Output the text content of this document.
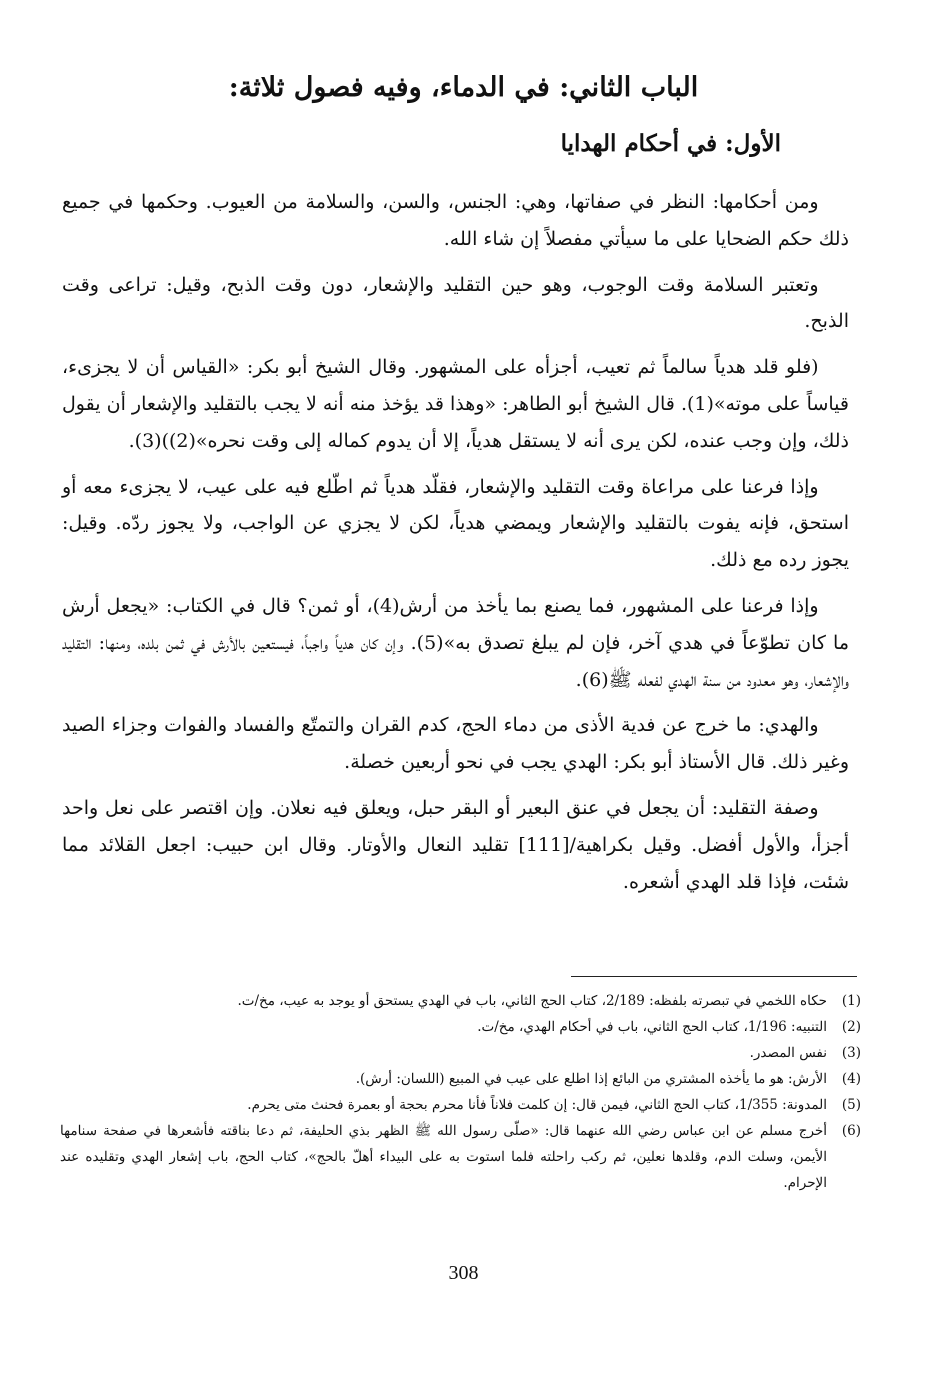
الباب الثاني: في الدماء، وفيه فصول ثلاثة:
الأول: في أحكام الهدايا

ومن أحكامها: النظر في صفاتها، وهي: الجنس، والسن، والسلامة من العيوب. وحكمها في جميع ذلك حكم الضحايا على ما سيأتي مفصلاً إن شاء الله.

وتعتبر السلامة وقت الوجوب، وهو حين التقليد والإشعار، دون وقت الذبح، وقيل: تراعى وقت الذبح.

(فلو قلد هدياً سالماً ثم تعيب، أجزأه على المشهور. وقال الشيخ أبو بكر: «القياس أن لا يجزىء، قياساً على موته»(1). قال الشيخ أبو الطاهر: «وهذا قد يؤخذ منه أنه لا يجب بالتقليد والإشعار أن يقول ذلك، وإن وجب عنده، لكن يرى أنه لا يستقل هدياً، إلا أن يدوم كماله إلى وقت نحره»(2))(3).

وإذا فرعنا على مراعاة وقت التقليد والإشعار، فقلّد هدياً ثم اطّلع فيه على عيب، لا يجزىء معه أو استحق، فإنه يفوت بالتقليد والإشعار ويمضي هدياً، لكن لا يجزي عن الواجب، ولا يجوز ردّه. وقيل: يجوز رده مع ذلك.

وإذا فرعنا على المشهور، فما يصنع بما يأخذ من أرش(4)، أو ثمن؟ قال في الكتاب: «يجعل أرش ما كان تطوّعاً في هدي آخر، فإن لم يبلغ تصدق به»(5). وإن كان هدياً واجباً، فيستعين بالأرش في ثمن بلده، ومنها: التقليد والإشعار، وهو معدود من سنة الهدي لفعله ﷺ(6).

والهدي: ما خرج عن فدية الأذى من دماء الحج، كدم القران والتمتّع والفساد والفوات وجزاء الصيد وغير ذلك. قال الأستاذ أبو بكر: الهدي يجب في نحو أربعين خصلة.

وصفة التقليد: أن يجعل في عنق البعير أو البقر حبل، ويعلق فيه نعلان. وإن اقتصر على نعل واحد أجزأ، والأول أفضل. وقيل بكراهية/[111] تقليد النعال والأوتار. وقال ابن حبيب: اجعل القلائد مما شئت، فإذا قلد الهدي أشعره.

(1)
حكاه اللخمي في تبصرته بلفظه: 2/189، كتاب الحج الثاني، باب في الهدي يستحق أو يوجد به عيب، مخ/ت.
(2)
التنبيه: 1/196، كتاب الحج الثاني، باب في أحكام الهدي، مخ/ت.
(3)
نفس المصدر.
(4)
الأرش: هو ما يأخذه المشتري من البائع إذا اطلع على عيب في المبيع (اللسان: أرش).
(5)
المدونة: 1/355، كتاب الحج الثاني، فيمن قال: إن كلمت فلاناً فأنا محرم بحجة أو بعمرة فحنث متى يحرم.
(6)
أخرج مسلم عن ابن عباس رضي الله عنهما قال: «صلّى رسول الله ﷺ الظهر بذي الحليفة، ثم دعا بناقته فأشعرها في صفحة سنامها الأيمن، وسلت الدم، وقلدها نعلين، ثم ركب راحلته فلما استوت به على البيداء أهلّ بالحج»، كتاب الحج، باب إشعار الهدي وتقليده عند الإحرام.
308
